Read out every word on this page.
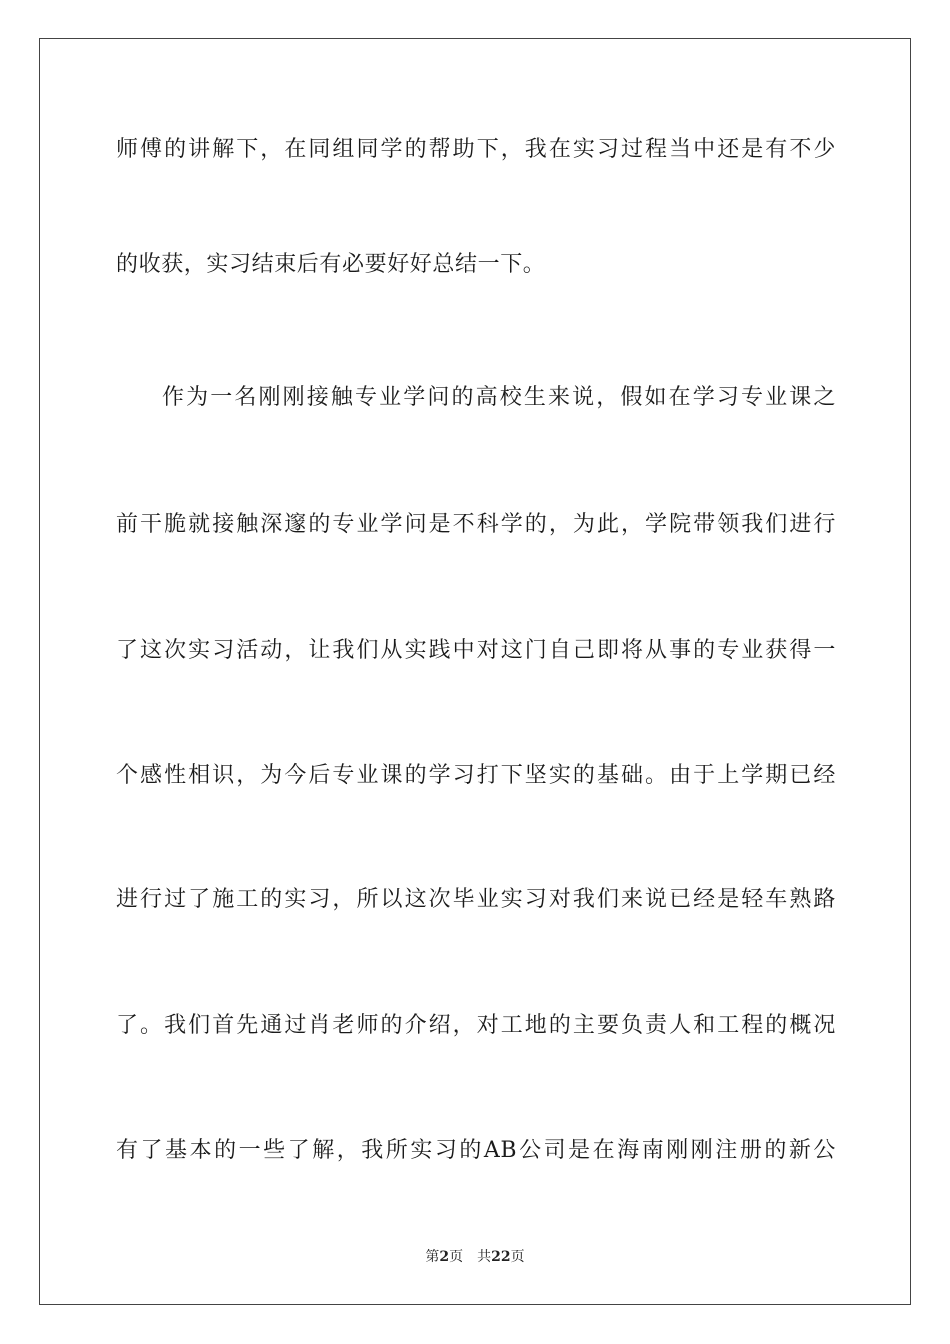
师傅的讲解下，在同组同学的帮助下，我在实习过程当中还是有不少
的收获，实习结束后有必要好好总结一下。
作为一名刚刚接触专业学问的高校生来说，假如在学习专业课之
前干脆就接触深邃的专业学问是不科学的，为此，学院带领我们进行
了这次实习活动，让我们从实践中对这门自己即将从事的专业获得一
个感性相识，为今后专业课的学习打下坚实的基础。由于上学期已经
进行过了施工的实习，所以这次毕业实习对我们来说已经是轻车熟路
了。我们首先通过肖老师的介绍，对工地的主要负责人和工程的概况
有了基本的一些了解，我所实习的AB公司是在海南刚刚注册的新公
第2页 共22页
